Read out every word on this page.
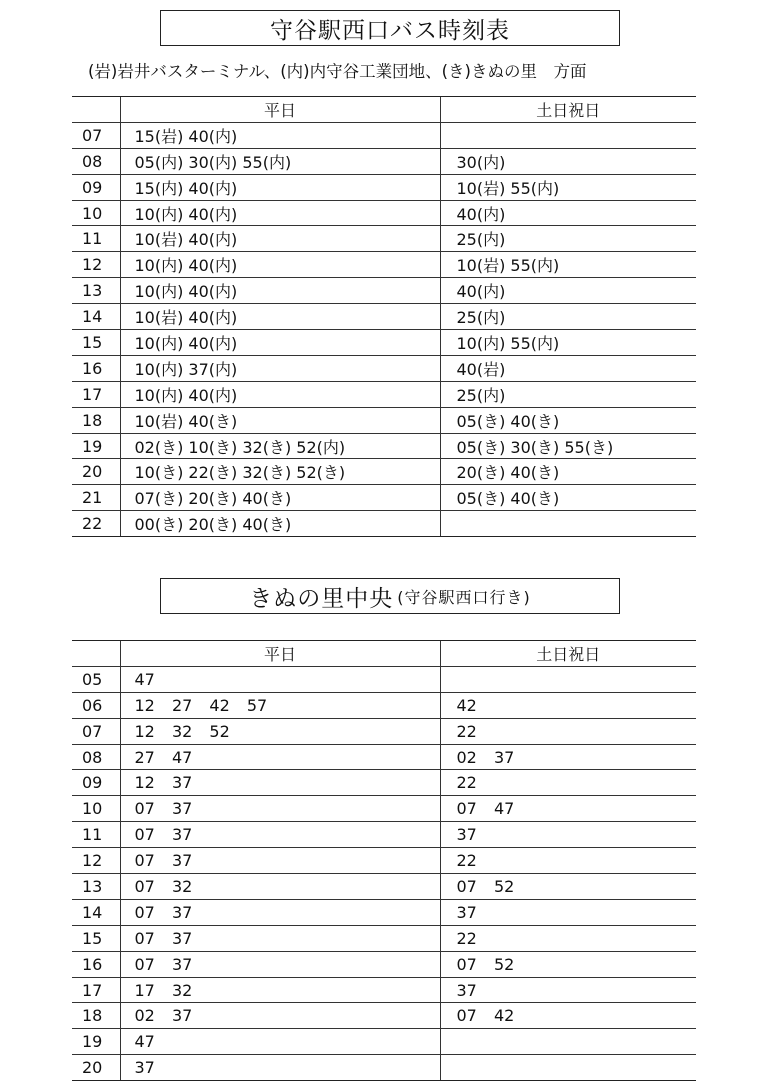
守谷駅西口バス時刻表
(岩)岩井バスターミナル、(内)内守谷工業団地、(き)きぬの里　方面
	平日	土日祝日
07	15(岩) 40(内)	
08	05(内) 30(内) 55(内)	30(内)
09	15(内) 40(内)	10(岩) 55(内)
10	10(内) 40(内)	40(内)
11	10(岩) 40(内)	25(内)
12	10(内) 40(内)	10(岩) 55(内)
13	10(内) 40(内)	40(内)
14	10(岩) 40(内)	25(内)
15	10(内) 40(内)	10(内) 55(内)
16	10(内) 37(内)	40(岩)
17	10(内) 40(内)	25(内)
18	10(岩) 40(き)	05(き) 40(き)
19	02(き) 10(き) 32(き) 52(内)	05(き) 30(き) 55(き)
20	10(き) 22(き) 32(き) 52(き)	20(き) 40(き)
21	07(き) 20(き) 40(き)	05(き) 40(き)
22	00(き) 20(き) 40(き)	
きぬの里中央 (守谷駅西口行き)
	平日	土日祝日
05	47	
06	12 27 42 57	42
07	12 32 52	22
08	27 47	02 37
09	12 37	22
10	07 37	07 47
11	07 37	37
12	07 37	22
13	07 32	07 52
14	07 37	37
15	07 37	22
16	07 37	07 52
17	17 32	37
18	02 37	07 42
19	47	
20	37	
